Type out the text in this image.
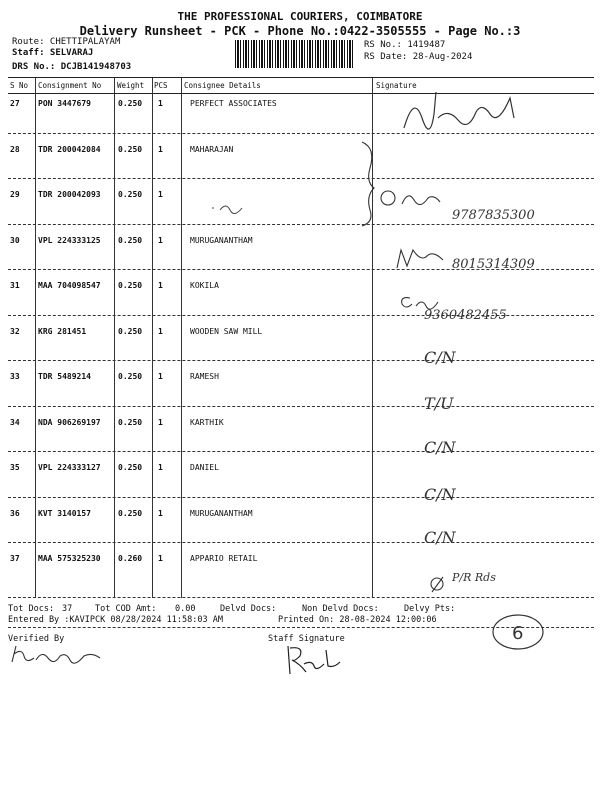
THE PROFESSIONAL COURIERS, COIMBATORE
Delivery Runsheet - PCK - Phone No.:0422-3505555 - Page No.:3
Route: CHETTIPALAYAM
Staff: SELVARAJ
DRS No.: DCJB141948703
RS No.: 1419487
RS Date: 28-Aug-2024
S No Consignment No Weight PCS Consignee Details	Signature
27 PON 3447679	0.250 1	PERFECT ASSOCIATES
28 TDR 200042084 0.250 1	MAHARAJAN
29 TDR 200042093 0.250 1
9787835300
30 VPL 224333125 0.250 1	MURUGANANTHAM
8015314309
31 MAA 704098547 0.250 1	KOKILA
9360482455
32 KRG 281451	0.250 1	WOODEN SAW MILL
C/N
33 TDR 5489214	0.250 1	RAMESH
T/U
34 NDA 906269197 0.250 1	KARTHIK
C/N
35 VPL 224333127 0.250 1	DANIEL
C/N
36 KVT 3140157	0.250 1	MURUGANANTHAM
C/N
37 MAA 575325230 0.260 1	APPARIO RETAIL
P/R Rds
Tot Docs: 37	Tot COD Amt: 0.00	Delvd Docs:	Non Delvd Docs:	Delvy Pts:
Entered By :KAVIPCK 08/28/2024 11:58:03 AM	Printed On: 28-08-2024 12:00:06
Verified By	Staff Signature	6
